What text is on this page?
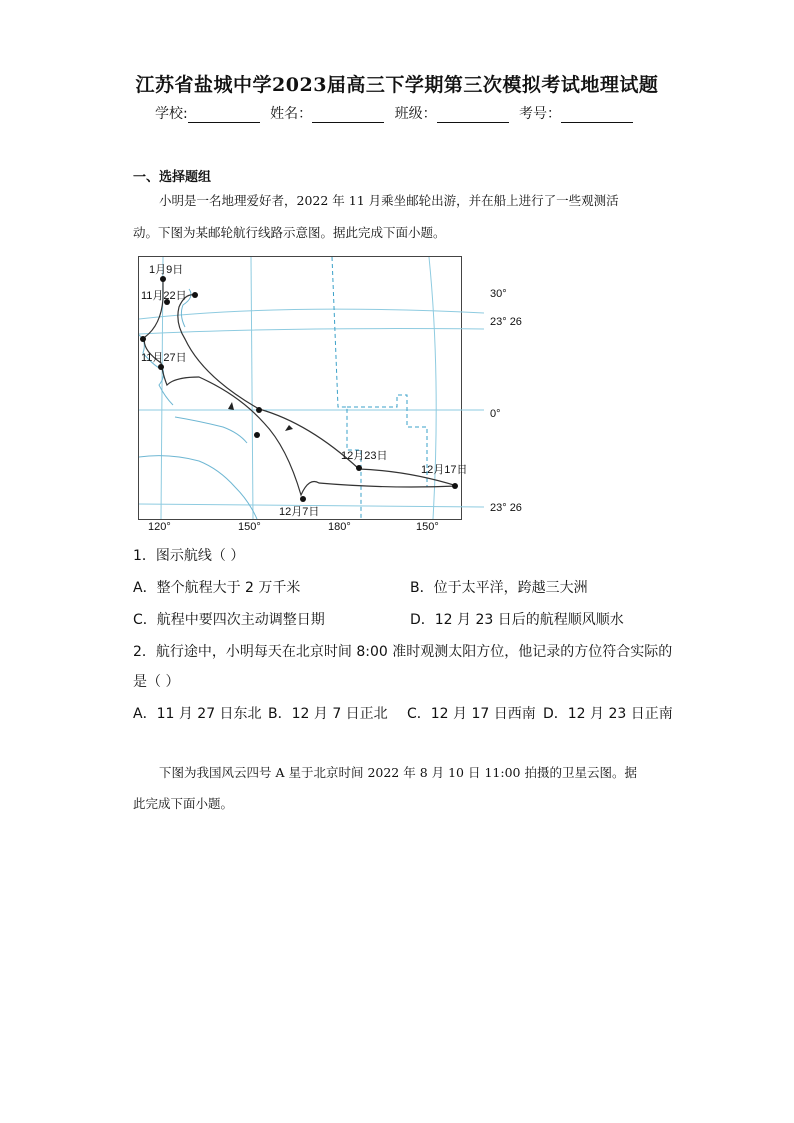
江苏省盐城中学2023届高三下学期第三次模拟考试地理试题
学校:	姓名：	班级：	考号：
一、选择题组
小明是一名地理爱好者，2022 年 11 月乘坐邮轮出游，并在船上进行了一些观测活
动。下图为某邮轮航行线路示意图。据此完成下面小题。
1月9日
11月22日
11月27日
12月23日
12月17日
12月7日
30°
23° 26
0°
23° 26
120°	150°	180°	150°
1．图示航线（ ）
A．整个航程大于 2 万千米	B．位于太平洋，跨越三大洲
C．航程中要四次主动调整日期	D．12 月 23 日后的航程顺风顺水
2．航行途中，小明每天在北京时间 8:00 准时观测太阳方位，他记录的方位符合实际的
是（ ）
A．11 月 27 日东北 B．12 月 7 日正北 C．12 月 17 日西南 D．12 月 23 日正南
下图为我国风云四号 A 星于北京时间 2022 年 8 月 10 日 11:00 拍摄的卫星云图。据
此完成下面小题。
